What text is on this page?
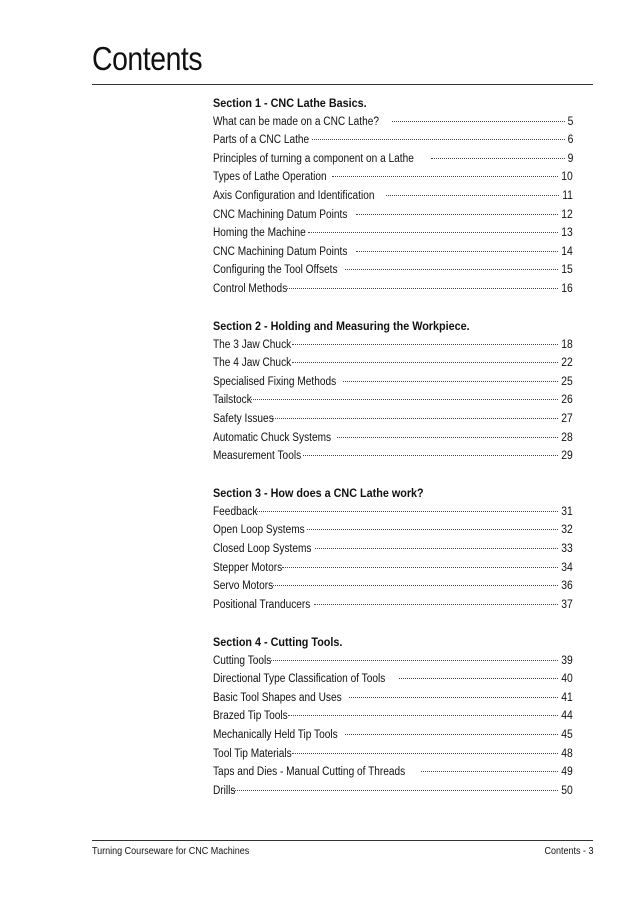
Contents
Section 1 - CNC Lathe Basics.
What can be made on a CNC Lathe?	5
Parts of a CNC Lathe	6
Principles of turning a component on a Lathe	9
Types of Lathe Operation	10
Axis Configuration and Identification	11
CNC Machining Datum Points	12
Homing the Machine	13
CNC Machining Datum Points	14
Configuring the Tool Offsets	15
Control Methods	16
Section 2 - Holding and Measuring the Workpiece.
The 3 Jaw Chuck	18
The 4 Jaw Chuck	22
Specialised Fixing Methods	25
Tailstock	26
Safety Issues	27
Automatic Chuck Systems	28
Measurement Tools	29
Section 3 - How does a CNC Lathe work?
Feedback	31
Open Loop Systems	32
Closed Loop Systems	33
Stepper Motors	34
Servo Motors	36
Positional Tranducers	37
Section 4 - Cutting Tools.
Cutting Tools	39
Directional Type Classification of Tools	40
Basic Tool Shapes and Uses	41
Brazed Tip Tools	44
Mechanically Held Tip Tools	45
Tool Tip Materials	48
Taps and Dies - Manual Cutting of Threads	49
Drills	50
Turning Courseware for CNC Machines	Contents - 3
